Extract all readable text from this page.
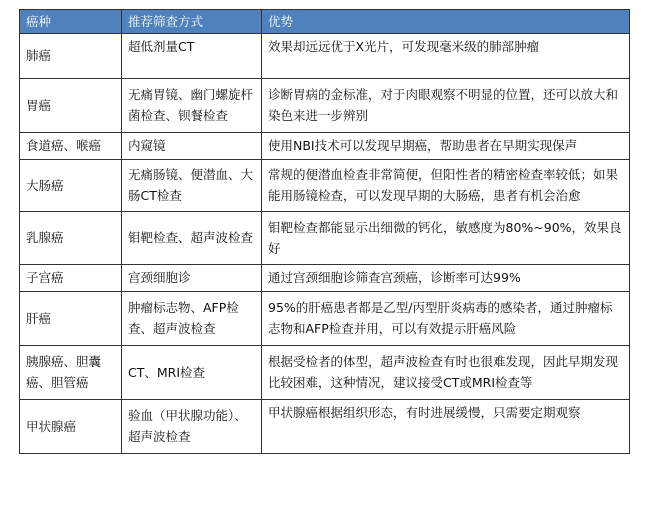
癌种	推荐筛查方式	优势
肺癌	超低剂量CT	效果却远远优于X光片，可发现毫米级的肺部肿瘤
胃癌	无痛胃镜、幽门螺旋杆菌检查、钡餐检查	诊断胃病的金标准，对于肉眼观察不明显的位置，还可以放大和染色来进一步辨别
食道癌、喉癌	内窥镜	使用NBI技术可以发现早期癌，帮助患者在早期实现保声
大肠癌	无痛肠镜、便潜血、大肠CT检查	常规的便潜血检查非常简便，但阳性者的精密检查率较低；如果能用肠镜检查，可以发现早期的大肠癌，患者有机会治愈
乳腺癌	钼靶检查、超声波检查	钼靶检查都能显示出细微的钙化，敏感度为80%~90%，效果良好
子宫癌	宫颈细胞诊	通过宫颈细胞诊筛查宫颈癌，诊断率可达99%
肝癌	肿瘤标志物、AFP检查、超声波检查	95%的肝癌患者都是乙型/丙型肝炎病毒的感染者，通过肿瘤标志物和AFP检查并用，可以有效提示肝癌风险
胰腺癌、胆囊癌、胆管癌	CT、MRI检查	根据受检者的体型，超声波检查有时也很难发现，因此早期发现比较困难，这种情况，建议接受CT或MRI检查等
甲状腺癌	验血（甲状腺功能）、超声波检查	甲状腺癌根据组织形态，有时进展缓慢，只需要定期观察
